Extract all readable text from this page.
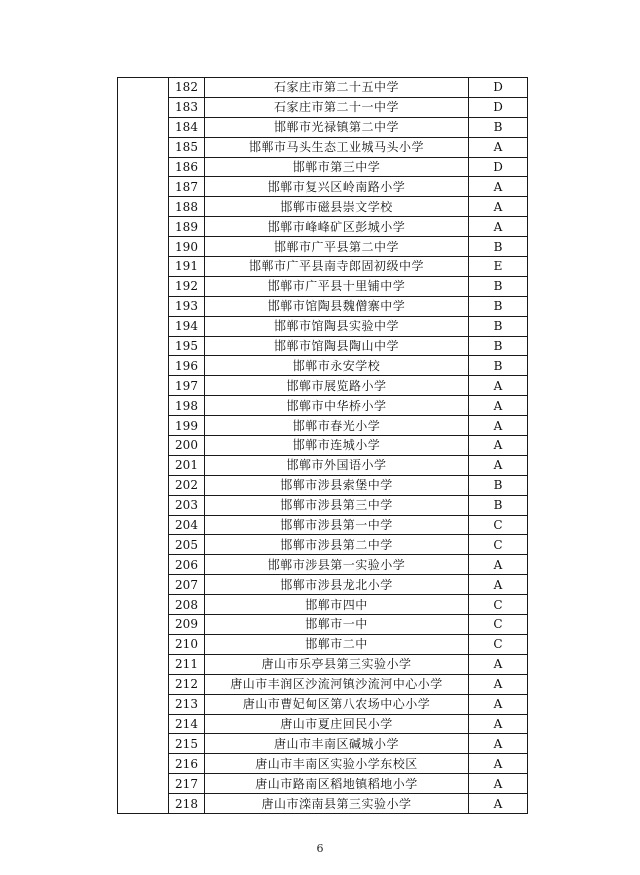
	182	石家庄市第二十五中学	D
	183	石家庄市第二十一中学	D
	184	邯郸市光禄镇第二中学	B
	185	邯郸市马头生态工业城马头小学	A
	186	邯郸市第三中学	D
	187	邯郸市复兴区岭南路小学	A
	188	邯郸市磁县崇文学校	A
	189	邯郸市峰峰矿区彭城小学	A
	190	邯郸市广平县第二中学	B
	191	邯郸市广平县南寺郎固初级中学	E
	192	邯郸市广平县十里铺中学	B
	193	邯郸市馆陶县魏僧寨中学	B
	194	邯郸市馆陶县实验中学	B
	195	邯郸市馆陶县陶山中学	B
	196	邯郸市永安学校	B
	197	邯郸市展览路小学	A
	198	邯郸市中华桥小学	A
	199	邯郸市春光小学	A
	200	邯郸市连城小学	A
	201	邯郸市外国语小学	A
	202	邯郸市涉县索堡中学	B
	203	邯郸市涉县第三中学	B
	204	邯郸市涉县第一中学	C
	205	邯郸市涉县第二中学	C
	206	邯郸市涉县第一实验小学	A
	207	邯郸市涉县龙北小学	A
	208	邯郸市四中	C
	209	邯郸市一中	C
	210	邯郸市二中	C
	211	唐山市乐亭县第三实验小学	A
	212	唐山市丰润区沙流河镇沙流河中心小学	A
	213	唐山市曹妃甸区第八农场中心小学	A
	214	唐山市夏庄回民小学	A
	215	唐山市丰南区碱城小学	A
	216	唐山市丰南区实验小学东校区	A
	217	唐山市路南区稻地镇稻地小学	A
	218	唐山市滦南县第三实验小学	A
6
